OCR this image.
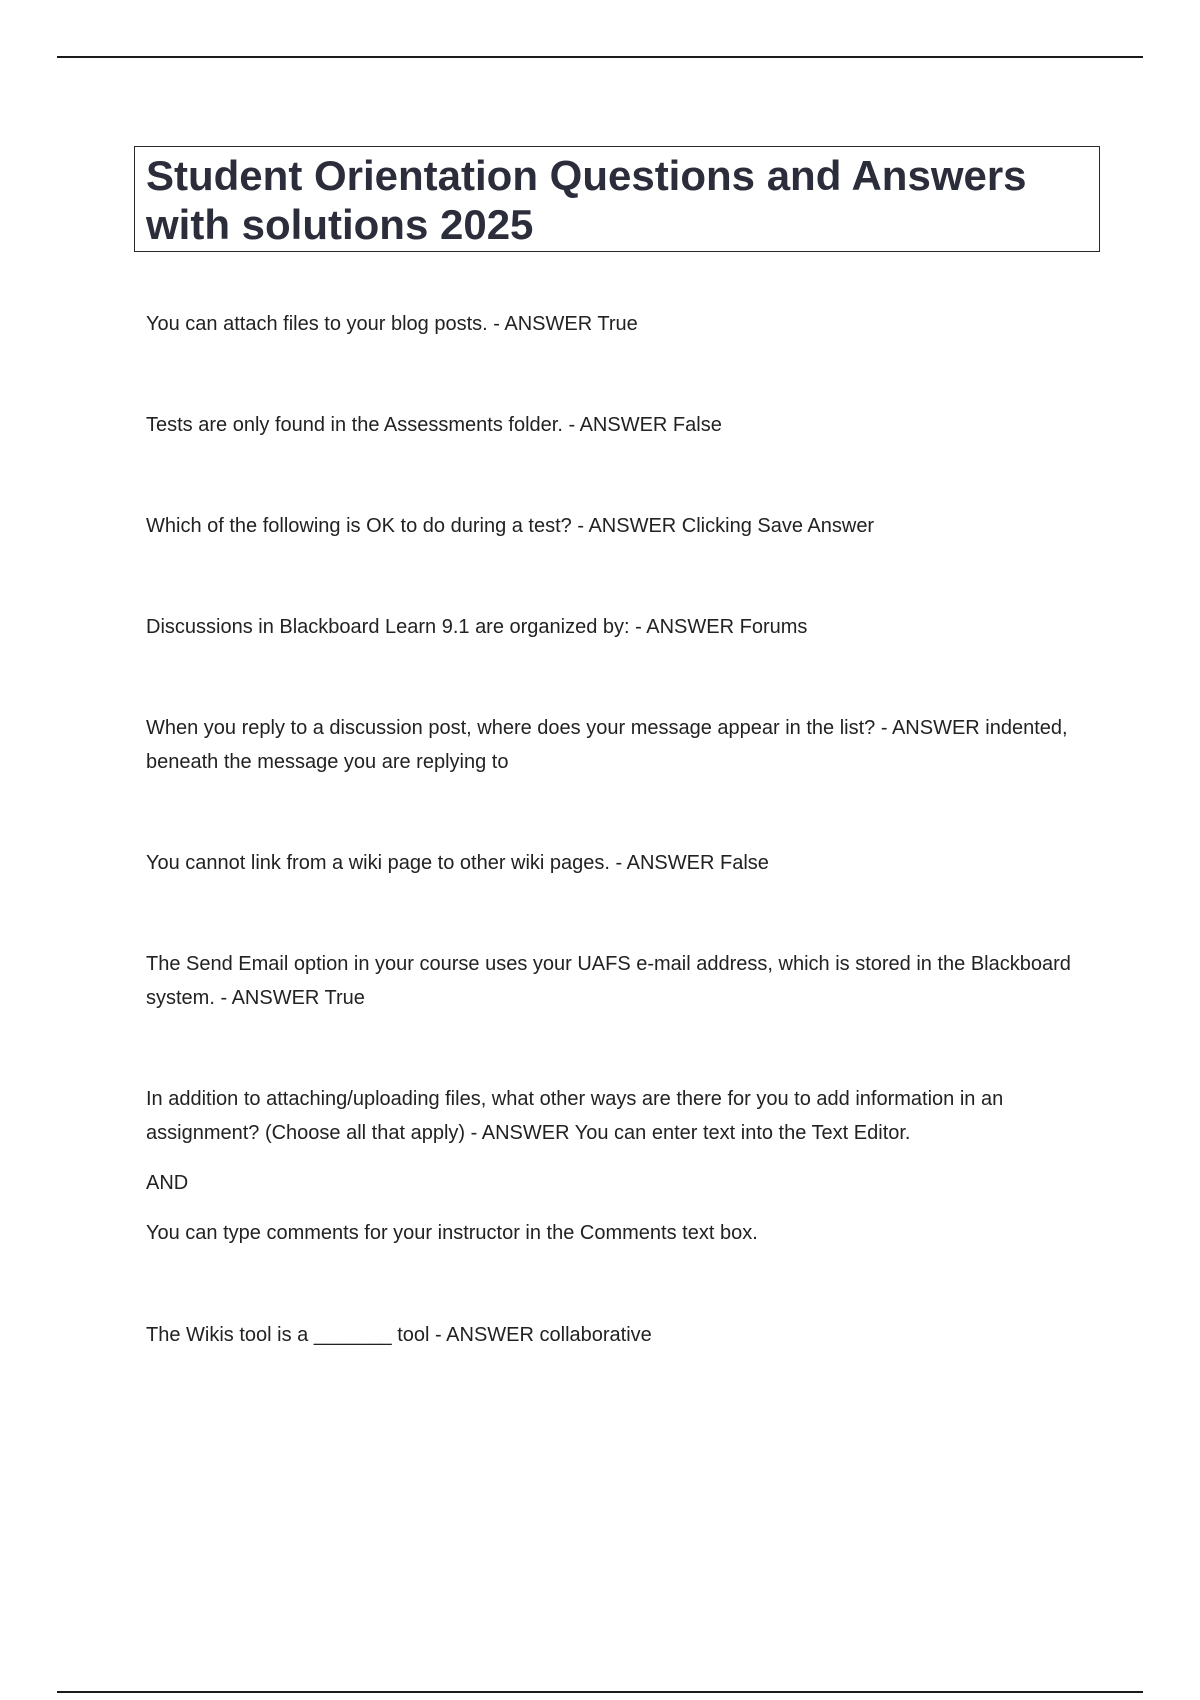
Student Orientation Questions and Answers with solutions 2025

You can attach files to your blog posts. - ANSWER True

Tests are only found in the Assessments folder. - ANSWER False

Which of the following is OK to do during a test? - ANSWER Clicking Save Answer

Discussions in Blackboard Learn 9.1 are organized by: - ANSWER Forums

When you reply to a discussion post, where does your message appear in the list? - ANSWER indented, beneath the message you are replying to

You cannot link from a wiki page to other wiki pages. - ANSWER False

The Send Email option in your course uses your UAFS e-mail address, which is stored in the Blackboard system. - ANSWER True

In addition to attaching/uploading files, what other ways are there for you to add information in an assignment? (Choose all that apply) - ANSWER You can enter text into the Text Editor.

AND

You can type comments for your instructor in the Comments text box.

The Wikis tool is a _______ tool - ANSWER collaborative
